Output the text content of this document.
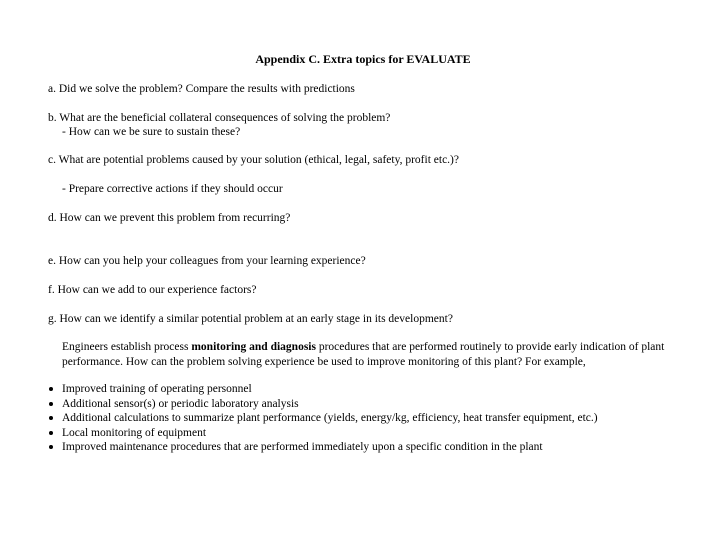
Appendix C. Extra topics for EVALUATE
a. Did we solve the problem? Compare the results with predictions
b. What are the beneficial collateral consequences of solving the problem?
- How can we be sure to sustain these?
c. What are potential problems caused by your solution (ethical, legal, safety, profit etc.)?
- Prepare corrective actions if they should occur
d. How can we prevent this problem from recurring?
e. How can you help your colleagues from your learning experience?
f. How can we add to our experience factors?
g. How can we identify a similar potential problem at an early stage in its development?
Engineers establish process monitoring and diagnosis procedures that are performed routinely to provide early indication of plant performance. How can the problem solving experience be used to improve monitoring of this plant? For example,
Improved training of operating personnel
Additional sensor(s) or periodic laboratory analysis
Additional calculations to summarize plant performance (yields, energy/kg, efficiency, heat transfer equipment, etc.)
Local monitoring of equipment
Improved maintenance procedures that are performed immediately upon a specific condition in the plant
